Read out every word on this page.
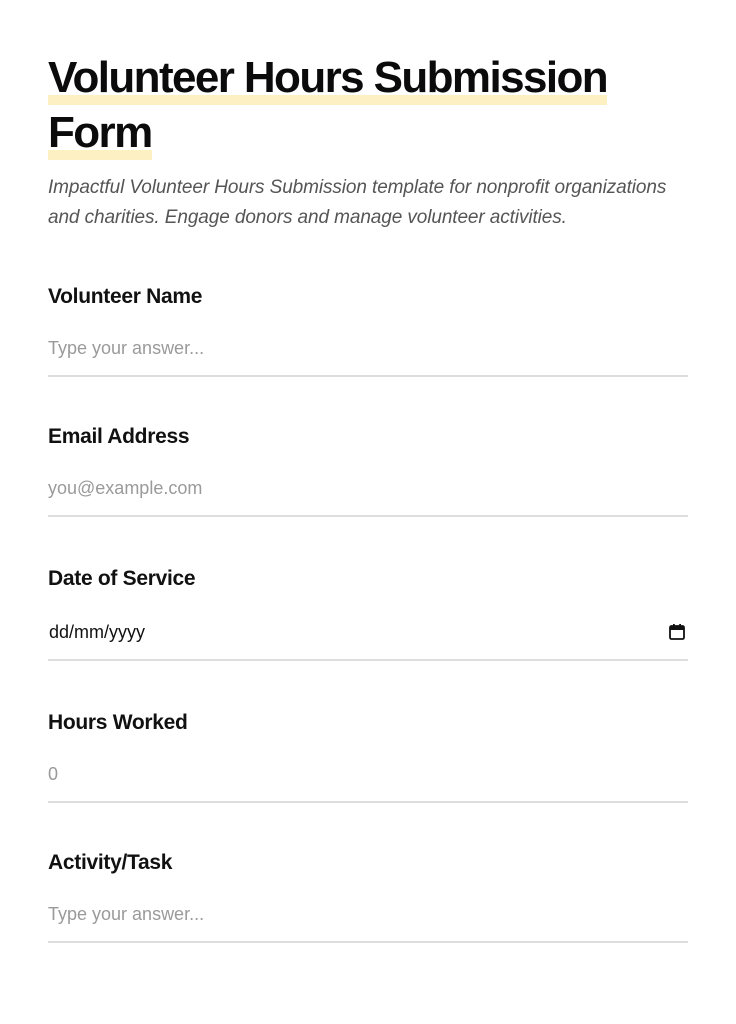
Volunteer Hours Submission
Form

Impactful Volunteer Hours Submission template for nonprofit organizations and charities. Engage donors and manage volunteer activities.

Volunteer Name
Type your answer...
Email Address
you@example.com
Date of Service
dd/mm/yyyy
Hours Worked
0
Activity/Task
Type your answer...
